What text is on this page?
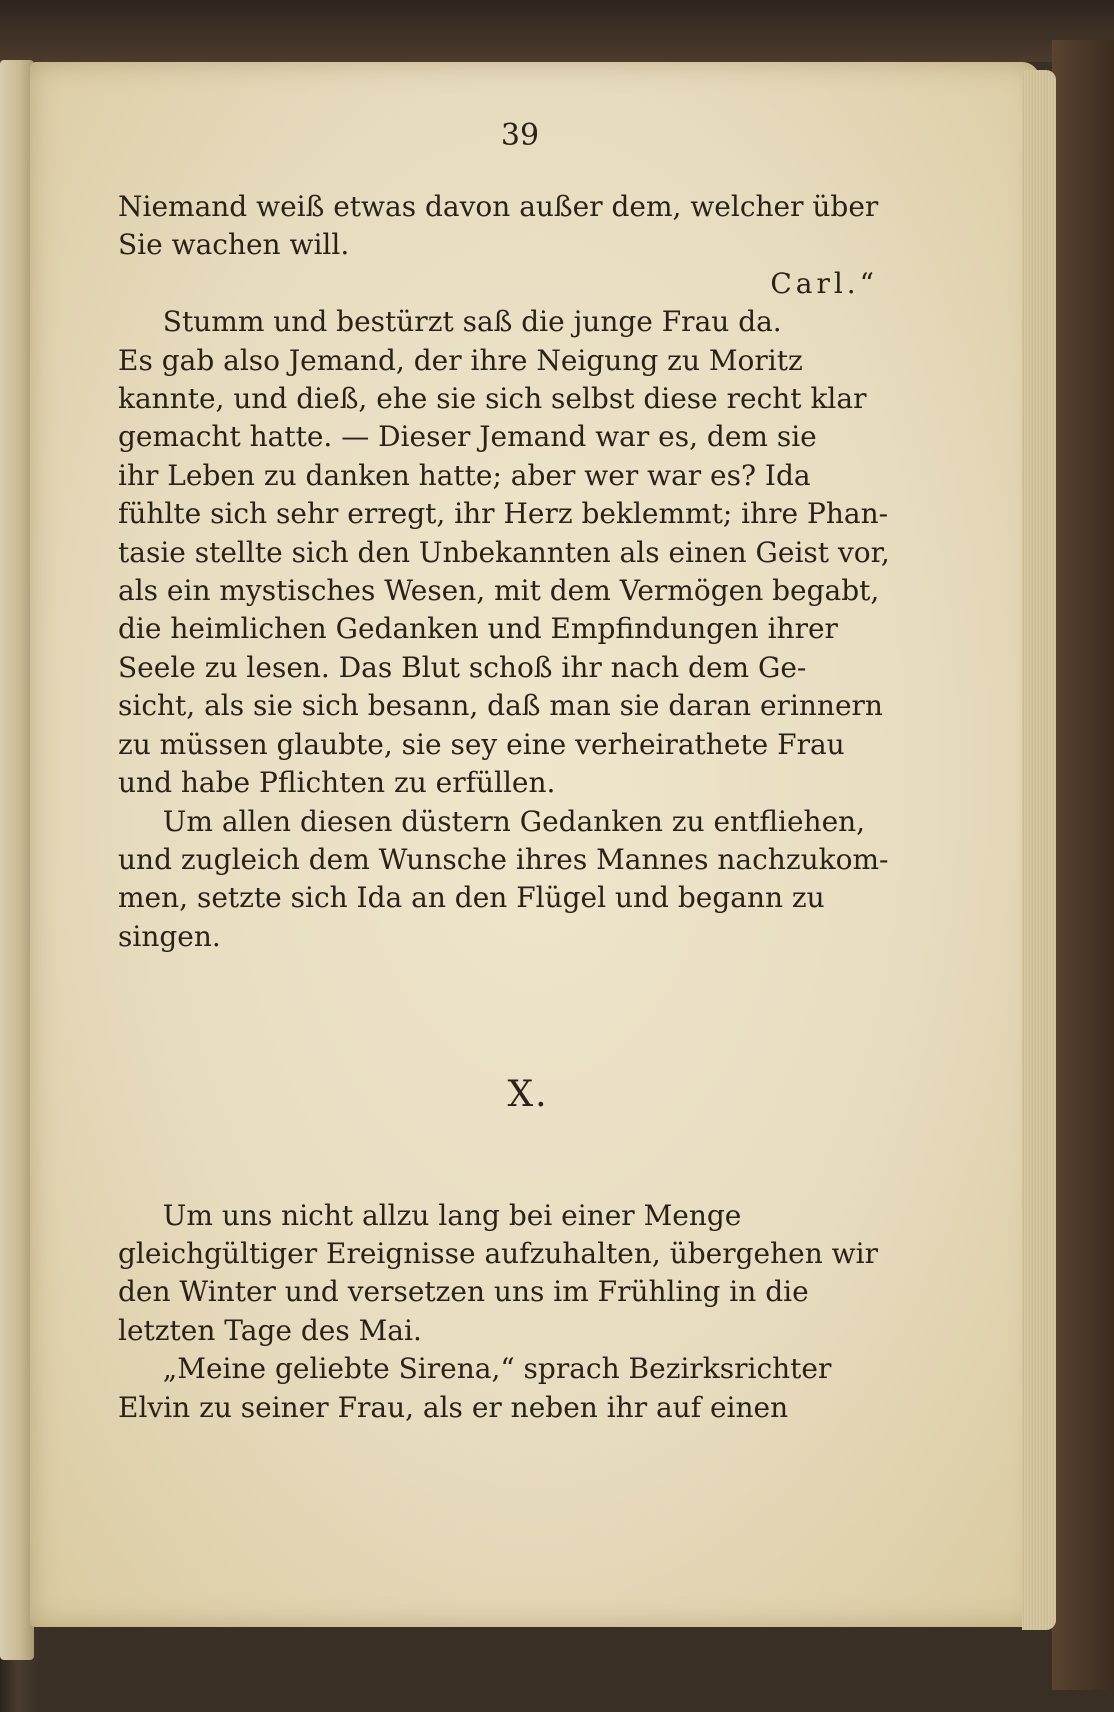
39

Niemand weiß etwas davon außer dem, welcher über

Sie wachen will.

Carl.“

Stumm und bestürzt saß die junge Frau da.

Es gab also Jemand, der ihre Neigung zu Moritz

kannte, und dieß, ehe sie sich selbst diese recht klar

gemacht hatte. — Dieser Jemand war es, dem sie

ihr Leben zu danken hatte; aber wer war es? Ida

fühlte sich sehr erregt, ihr Herz beklemmt; ihre Phan-

tasie stellte sich den Unbekannten als einen Geist vor,

als ein mystisches Wesen, mit dem Vermögen begabt,

die heimlichen Gedanken und Empfindungen ihrer

Seele zu lesen. Das Blut schoß ihr nach dem Ge-

sicht, als sie sich besann, daß man sie daran erinnern

zu müssen glaubte, sie sey eine verheirathete Frau

und habe Pflichten zu erfüllen.

Um allen diesen düstern Gedanken zu entfliehen,

und zugleich dem Wunsche ihres Mannes nachzukom-

men, setzte sich Ida an den Flügel und begann zu

singen.

X.

Um uns nicht allzu lang bei einer Menge

gleichgültiger Ereignisse aufzuhalten, übergehen wir

den Winter und versetzen uns im Frühling in die

letzten Tage des Mai.

„Meine geliebte Sirena,“ sprach Bezirksrichter

Elvin zu seiner Frau, als er neben ihr auf einen
